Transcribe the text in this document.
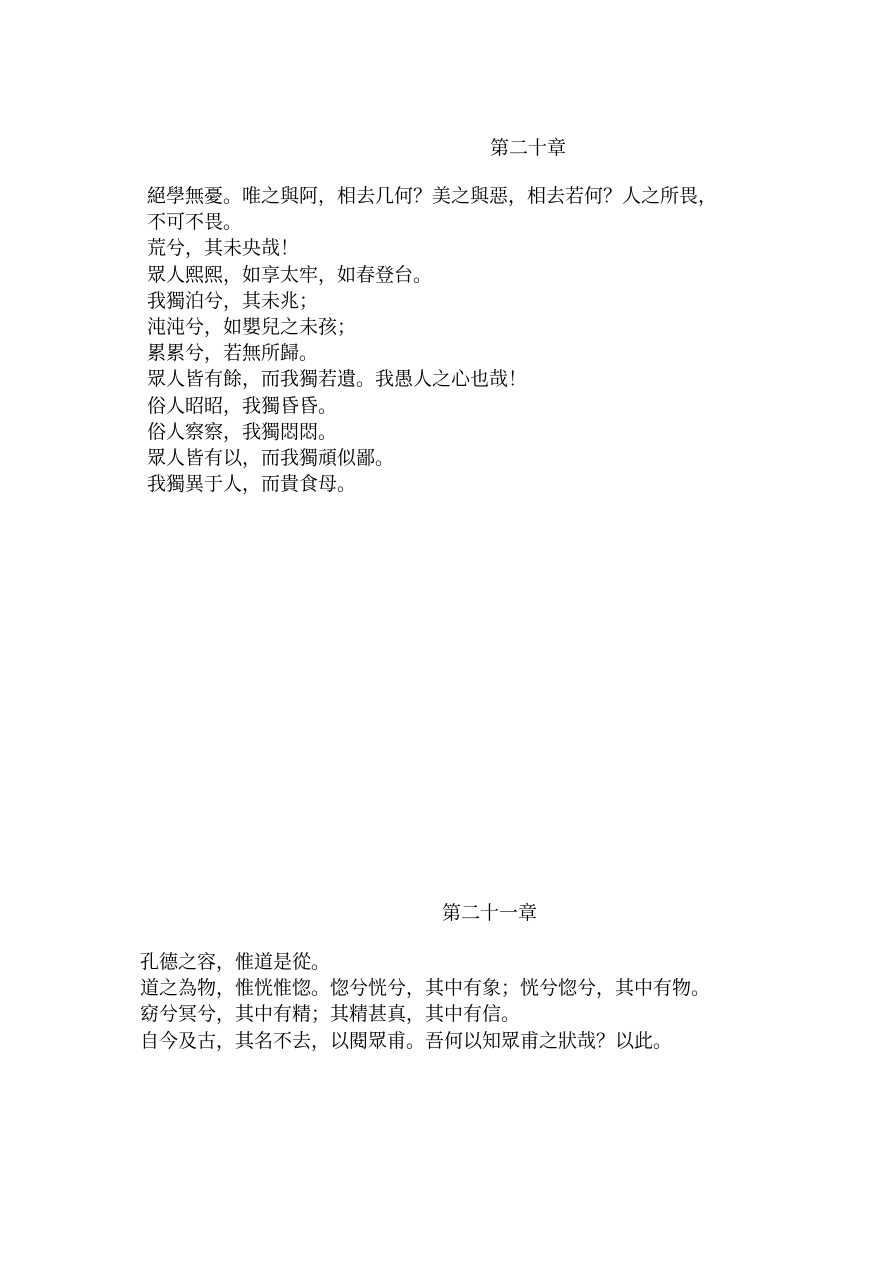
第二十章
絕學無憂。唯之與阿，相去几何？美之與惡，相去若何？人之所畏，
不可不畏。
荒兮，其未央哉！
眾人熙熙，如享太牢，如春登台。
我獨泊兮，其未兆；
沌沌兮，如嬰兒之未孩；
累累兮，若無所歸。
眾人皆有餘，而我獨若遺。我愚人之心也哉！
俗人昭昭，我獨昏昏。
俗人察察，我獨悶悶。
眾人皆有以，而我獨頑似鄙。
我獨異于人，而貴食母。
第二十一章
孔德之容，惟道是從。
道之為物，惟恍惟惚。惚兮恍兮，其中有象；恍兮惚兮，其中有物。
窈兮冥兮，其中有精；其精甚真，其中有信。
自今及古，其名不去，以閱眾甫。吾何以知眾甫之狀哉？以此。
